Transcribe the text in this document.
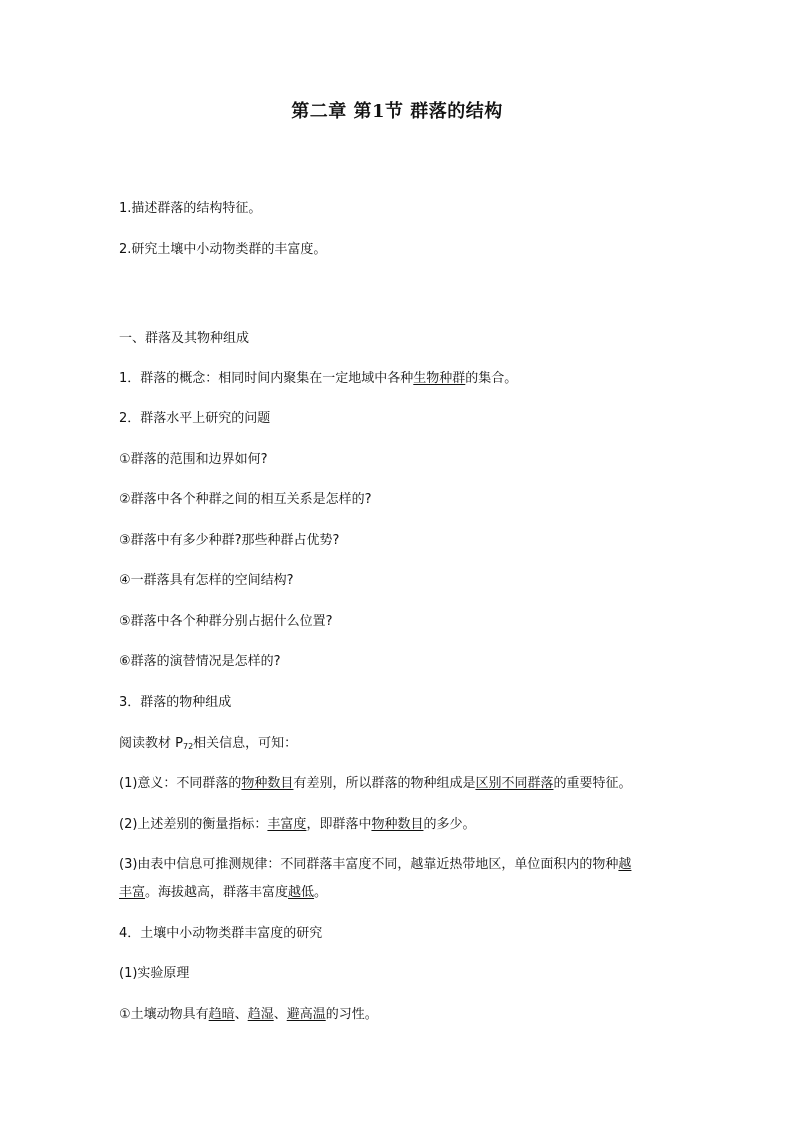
第二章 第1节 群落的结构
1.描述群落的结构特征。
2.研究土壤中小动物类群的丰富度。
一、群落及其物种组成
1．群落的概念：相同时间内聚集在一定地域中各种生物种群的集合。
2．群落水平上研究的问题
①群落的范围和边界如何?
②群落中各个种群之间的相互关系是怎样的?
③群落中有多少种群?那些种群占优势?
④一群落具有怎样的空间结构?
⑤群落中各个种群分别占据什么位置?
⑥群落的演替情况是怎样的?
3．群落的物种组成
阅读教材 $P_{72}$相关信息，可知：
(1)意义：不同群落的物种数目有差别，所以群落的物种组成是区别不同群落的重要特征。
(2)上述差别的衡量指标：丰富度，即群落中物种数目的多少。
(3)由表中信息可推测规律：不同群落丰富度不同，越靠近热带地区，单位面积内的物种越
丰富。海拔越高，群落丰富度越低。
4．土壤中小动物类群丰富度的研究
(1)实验原理
①土壤动物具有趋暗、趋湿、避高温的习性。
